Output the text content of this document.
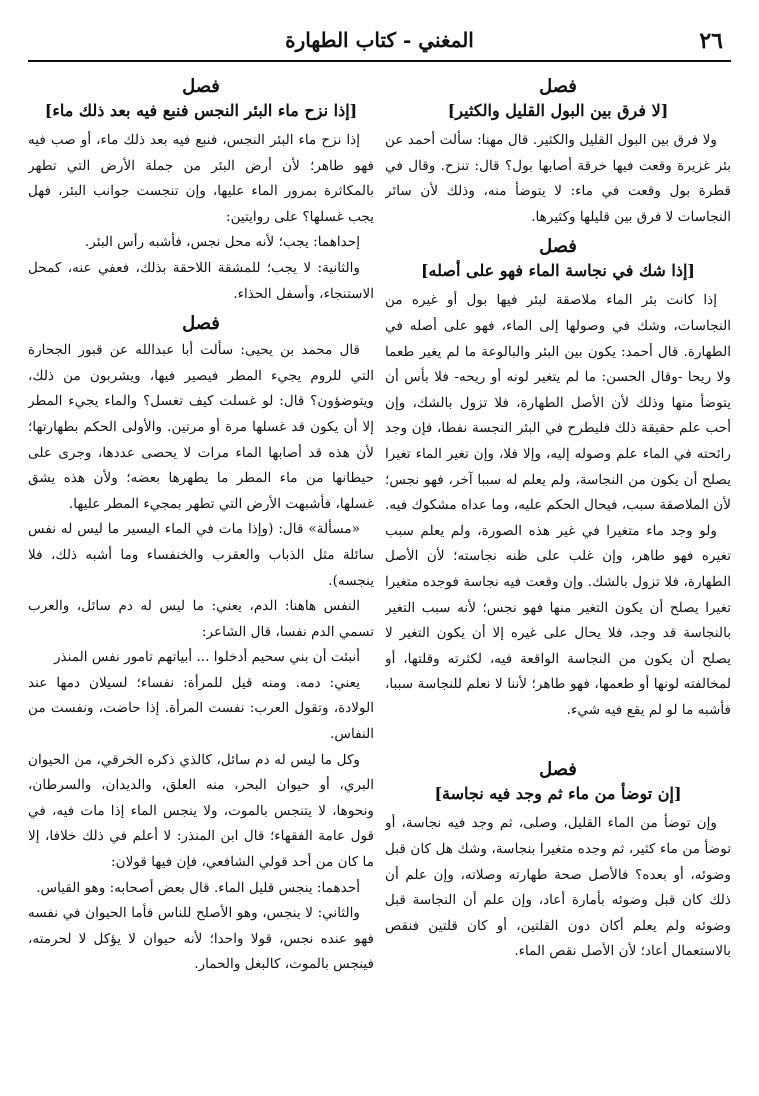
٢٦
المغني - كتاب الطهارة
فصل
[لا فرق بين البول القليل والكثير]

ولا فرق بين البول القليل والكثير. قال مهنا: سألت أحمد عن بئر غزيرة وقعت فيها خرقة أصابها بول؟ قال: تنزح. وقال في قطرة بول وقعت في ماء: لا يتوضأ منه، وذلك لأن سائر النجاسات لا فرق بين قليلها وكثيرها.

فصل
[إذا شك في نجاسة الماء فهو على أصله]

إذا كانت بئر الماء ملاصقة لبئر فيها بول أو غيره من النجاسات، وشك في وصولها إلى الماء، فهو على أصله في الطهارة. قال أحمد: يكون بين البئر والبالوعة ما لم يغير طعما ولا ريحا -وقال الحسن: ما لم يتغير لونه أو ريحه- فلا بأس أن يتوضأ منها وذلك لأن الأصل الطهارة، فلا تزول بالشك، وإن أحب علم حقيقة ذلك فليطرح في البئر النجسة نفطا، فإن وجد رائحته في الماء علم وصوله إليه، وإلا فلا، وإن تغير الماء تغيرا يصلح أن يكون من النجاسة، ولم يعلم له سببا آخر، فهو نجس؛ لأن الملاصقة سبب، فيحال الحكم عليه، وما عداه مشكوك فيه.

ولو وجد ماء متغيرا في غير هذه الصورة، ولم يعلم سبب تغيره فهو طاهر، وإن غلب على ظنه نجاسته؛ لأن الأصل الطهارة، فلا تزول بالشك. وإن وقعت فيه نجاسة فوجده متغيرا تغيرا يصلح أن يكون التغير منها فهو نجس؛ لأنه سبب التغير بالنجاسة قد وجد، فلا يحال على غيره إلا أن يكون التغير لا يصلح أن يكون من النجاسة الواقعة فيه، لكثرته وقلتها، أو لمخالفته لونها أو طعمها، فهو طاهر؛ لأننا لا نعلم للنجاسة سببا، فأشبه ما لو لم يقع فيه شيء.

فصل
[إن توضأ من ماء ثم وجد فيه نجاسة]

وإن توضأ من الماء القليل، وصلى، ثم وجد فيه نجاسة، أو توضأ من ماء كثير، ثم وجده متغيرا بنجاسة، وشك هل كان قبل وضوئه، أو بعده؟ فالأصل صحة طهارته وصلاته، وإن علم أن ذلك كان قبل وضوئه بأمارة أعاد، وإن علم أن النجاسة قبل وضوئه ولم يعلم أكان دون القلتين، أو كان قلتين فنقص بالاستعمال أعاد؛ لأن الأصل نقص الماء.

فصل
[إذا نزح ماء البئر النجس فنبع فيه بعد ذلك ماء]

إذا نزح ماء البئر النجس، فنبع فيه بعد ذلك ماء، أو صب فيه فهو طاهر؛ لأن أرض البئر من جملة الأرض التي تطهر بالمكاثرة بمرور الماء عليها، وإن تنجست جوانب البئر، فهل يجب غسلها؟ على روايتين:

إحداهما: يجب؛ لأنه محل نجس، فأشبه رأس البئر.

والثانية: لا يجب؛ للمشقة اللاحقة بذلك، فعفي عنه، كمحل الاستنجاء، وأسفل الحذاء.

فصل

قال محمد بن يحيى: سألت أبا عبدالله عن قبور الجحارة التي للروم يجيء المطر فيصير فيها، ويشربون من ذلك، ويتوضؤون؟ قال: لو غسلت كيف تغسل؟ والماء يجيء المطر إلا أن يكون قد غسلها مرة أو مرتين. والأولى الحكم بطهارتها؛ لأن هذه قد أصابها الماء مرات لا يحصى عددها، وجرى على حيطانها من ماء المطر ما يطهرها بعضه؛ ولأن هذه يشق غسلها، فأشبهت الأرض التي تطهر بمجيء المطر عليها.

«مسألة» قال: (وإذا مات في الماء اليسير ما ليس له نفس سائلة مثل الذباب والعقرب والخنفساء وما أشبه ذلك، فلا ينجسه).

النفس هاهنا: الدم، يعني: ما ليس له دم سائل، والعرب تسمي الدم نفسا، قال الشاعر:

أنبئت أن بني سحيم أدخلوا ... أبياتهم تامور نفس المنذر

يعني: دمه. ومنه قيل للمرأة: نفساء؛ لسيلان دمها عند الولادة، وتقول العرب: نفست المرأة. إذا حاضت، ونفست من النفاس.

وكل ما ليس له دم سائل، كالذي ذكره الخرقي، من الحيوان البري، أو حيوان البحر، منه العلق، والديدان، والسرطان، ونحوها، لا يتنجس بالموت، ولا ينجس الماء إذا مات فيه، في قول عامة الفقهاء؛ قال ابن المنذر: لا أعلم في ذلك خلافا، إلا ما كان من أحد قولي الشافعي، فإن فيها قولان:

أحدهما: ينجس قليل الماء. قال بعض أصحابه: وهو القياس.

والثاني: لا ينجس، وهو الأصلح للناس فأما الحيوان في نفسه فهو عنده نجس، قولا واحدا؛ لأنه حيوان لا يؤكل لا لحرمته، فينجس بالموت، كالبغل والحمار.
